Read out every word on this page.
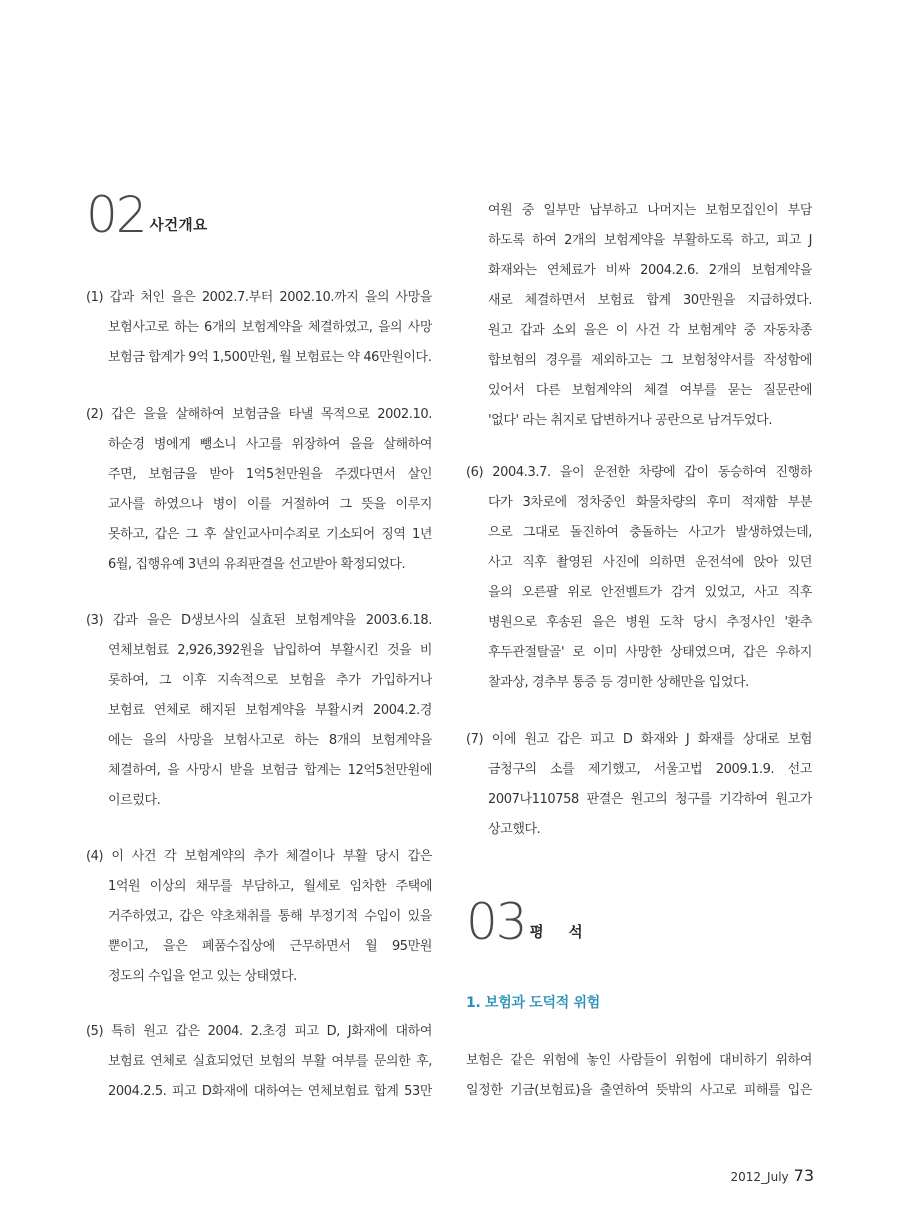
02 사건개요
(1) 갑과 처인 을은 2002.7.부터 2002.10.까지 을의 사망을
보험사고로 하는 6개의 보험계약을 체결하였고, 을의 사망
보험금 합계가 9억 1,500만원, 월 보험료는 약 46만원이다.
(2) 갑은 을을 살해하여 보험금을 타낼 목적으로 2002.10.
하순경 병에게 뺑소니 사고를 위장하여 을을 살해하여
주면, 보험금을 받아 1억5천만원을 주겠다면서 살인
교사를 하였으나 병이 이를 거절하여 그 뜻을 이루지
못하고, 갑은 그 후 살인교사미수죄로 기소되어 징역 1년
6월, 집행유예 3년의 유죄판결을 선고받아 확정되었다.
(3) 갑과 을은 D생보사의 실효된 보험계약을 2003.6.18.
연체보험료 2,926,392원을 납입하여 부활시킨 것을 비
롯하여, 그 이후 지속적으로 보험을 추가 가입하거나
보험료 연체로 해지된 보험계약을 부활시켜 2004.2.경
에는 을의 사망을 보험사고로 하는 8개의 보험계약을
체결하여, 을 사망시 받을 보험금 합계는 12억5천만원에
이르렀다.
(4) 이 사건 각 보험계약의 추가 체결이나 부활 당시 갑은
1억원 이상의 채무를 부담하고, 월세로 임차한 주택에
거주하였고, 갑은 약초채취를 통해 부정기적 수입이 있을
뿐이고, 을은 폐품수집상에 근무하면서 월 95만원
정도의 수입을 얻고 있는 상태였다.
(5) 특히 원고 갑은 2004. 2.초경 피고 D, J화재에 대하여
보험료 연체로 실효되었던 보험의 부활 여부를 문의한 후,
2004.2.5. 피고 D화재에 대하여는 연체보험료 합계 53만
여원 중 일부만 납부하고 나머지는 보험모집인이 부담
하도록 하여 2개의 보험계약을 부활하도록 하고, 피고 J
화재와는 연체료가 비싸 2004.2.6. 2개의 보험계약을
새로 체결하면서 보험료 합계 30만원을 지급하였다.
원고 갑과 소외 을은 이 사건 각 보험계약 중 자동차종
합보험의 경우를 제외하고는 그 보험청약서를 작성함에
있어서 다른 보험계약의 체결 여부를 묻는 질문란에
'없다' 라는 취지로 답변하거나 공란으로 남겨두었다.
(6) 2004.3.7. 을이 운전한 차량에 갑이 동승하여 진행하
다가 3차로에 정차중인 화물차량의 후미 적재함 부분
으로 그대로 돌진하여 충돌하는 사고가 발생하였는데,
사고 직후 촬영된 사진에 의하면 운전석에 앉아 있던
을의 오른팔 위로 안전벨트가 감겨 있었고, 사고 직후
병원으로 후송된 을은 병원 도착 당시 추정사인 '환추
후두관절탈골' 로 이미 사망한 상태였으며, 갑은 우하지
찰과상, 경추부 통증 등 경미한 상해만을 입었다.
(7) 이에 원고 갑은 피고 D 화재와 J 화재를 상대로 보험
금청구의 소를 제기했고, 서울고법 2009.1.9. 선고
2007나110758 판결은 원고의 청구를 기각하여 원고가
상고했다.
03 평 석
1. 보험과 도덕적 위험
보험은 같은 위험에 놓인 사람들이 위험에 대비하기 위하여
일정한 기금(보험료)을 출연하여 뜻밖의 사고로 피해를 입은
2012_July 73
